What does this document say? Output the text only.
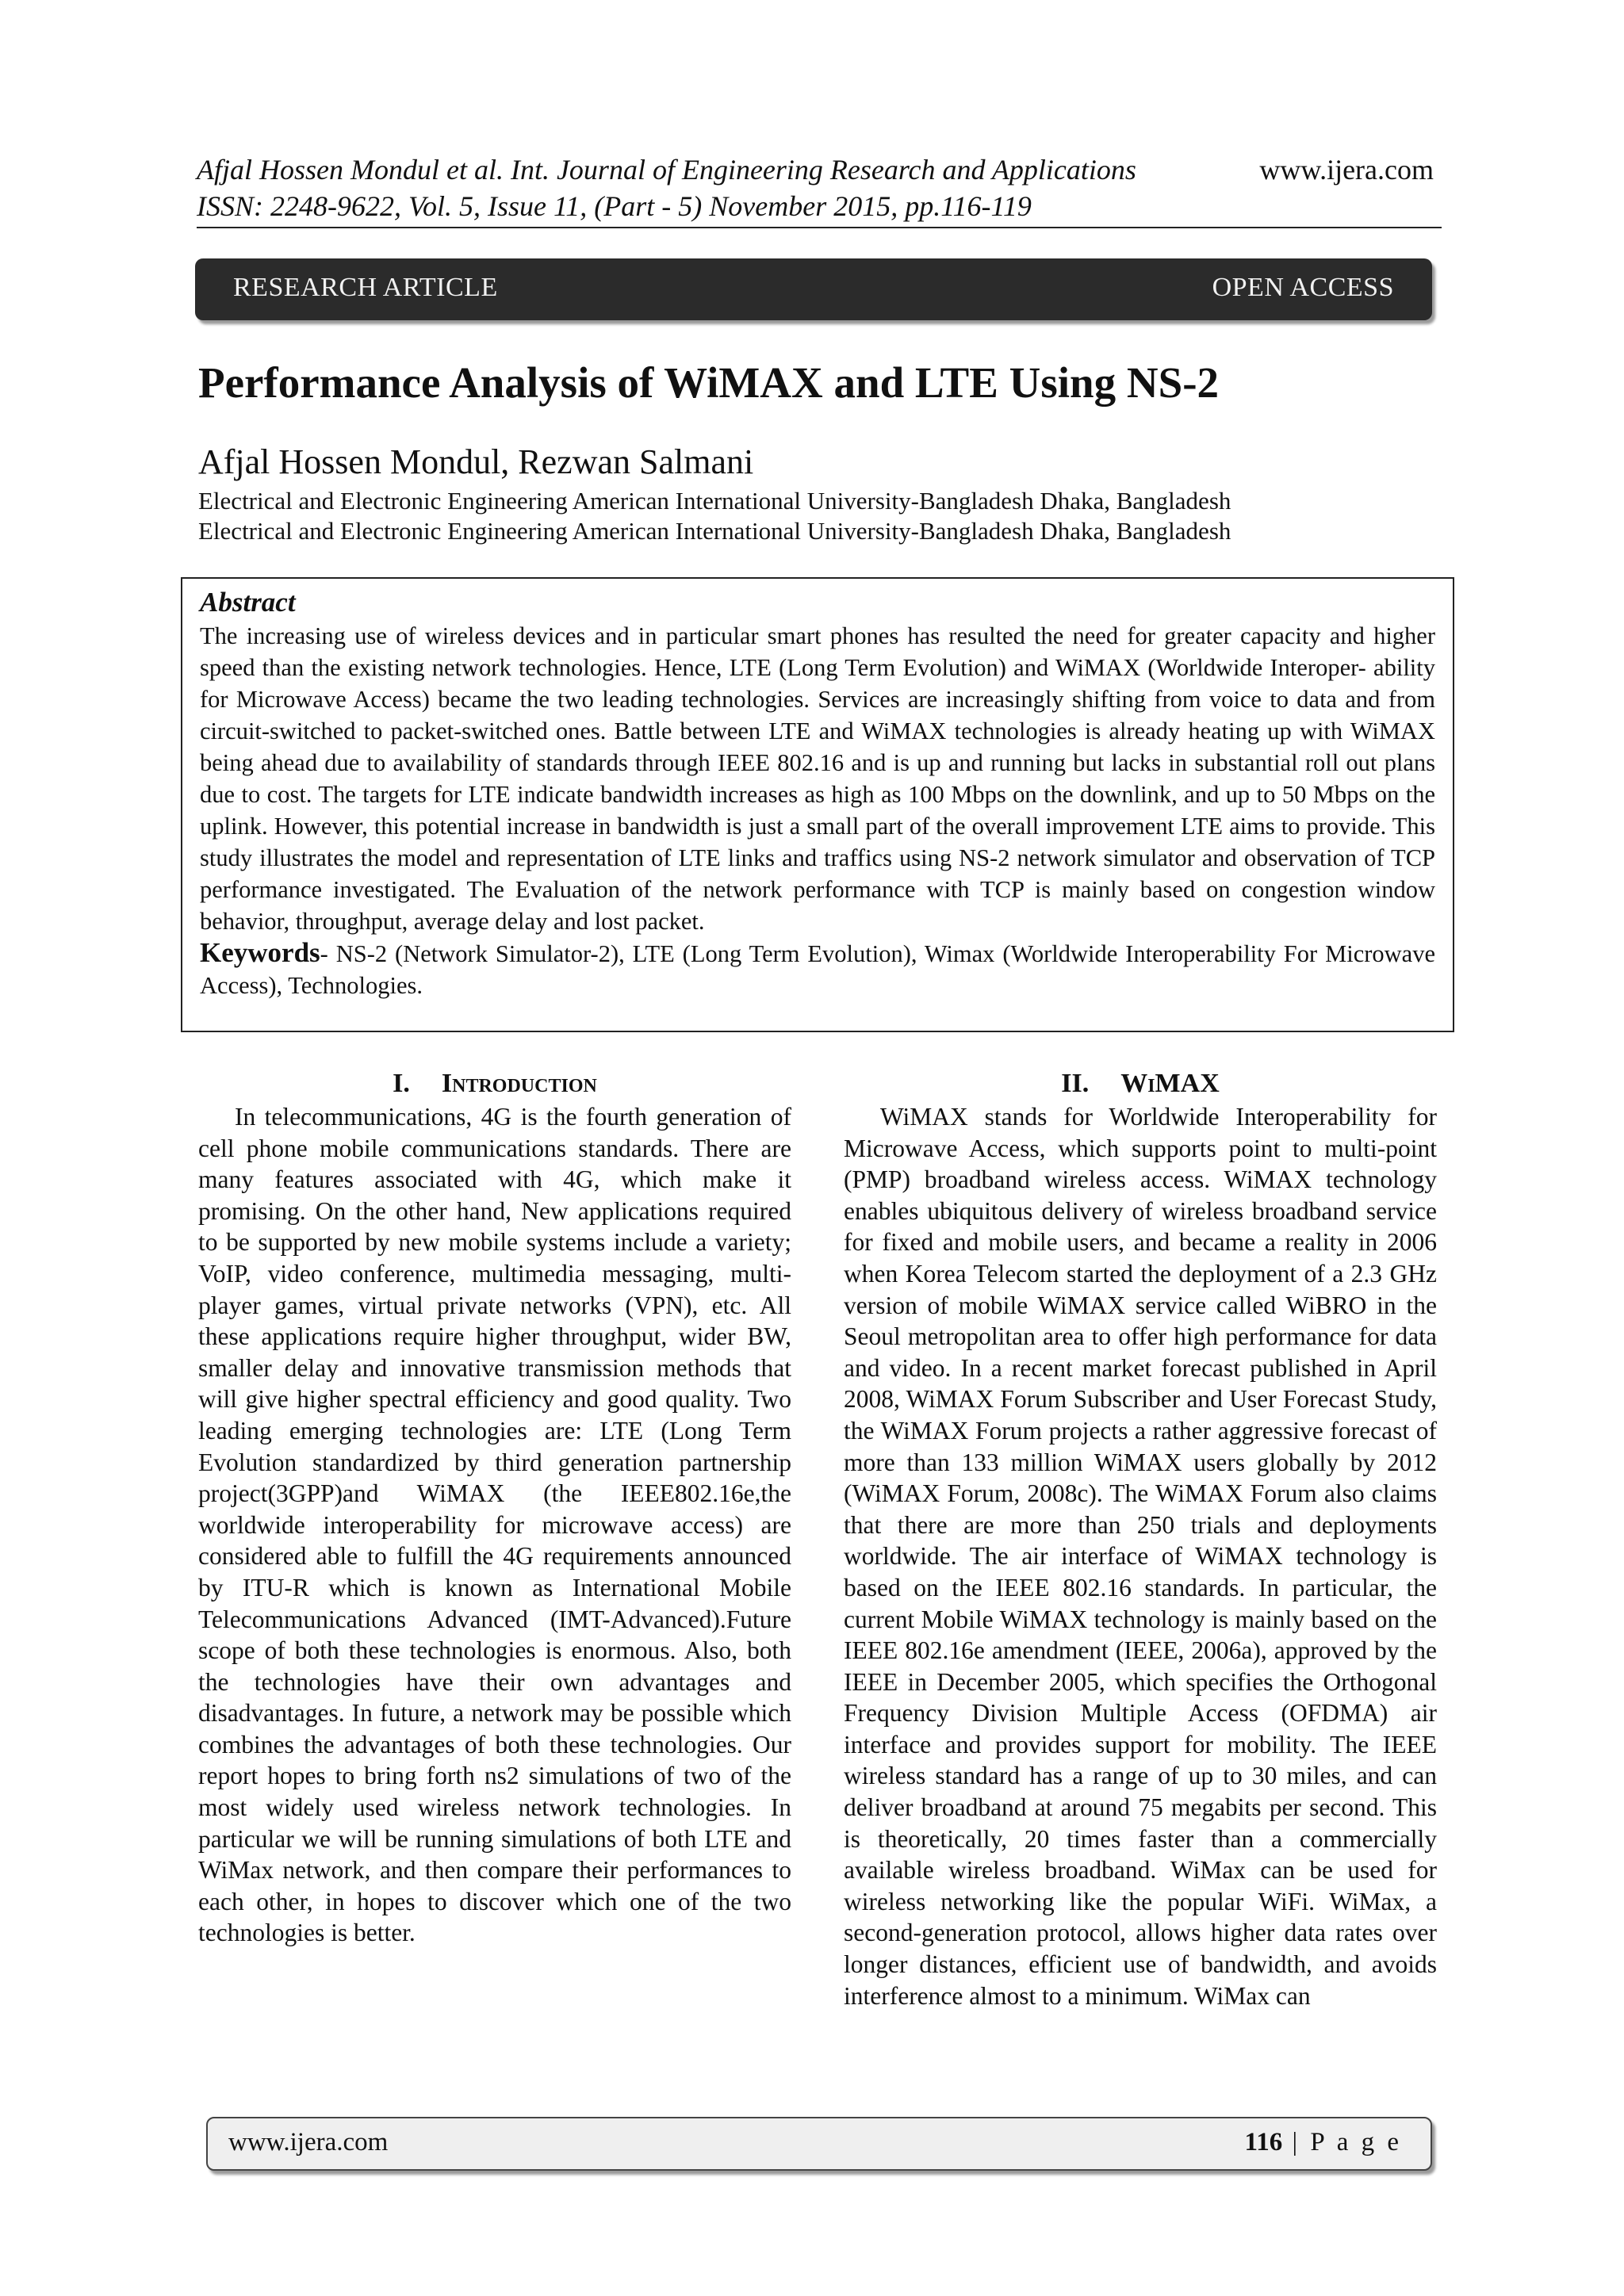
Afjal Hossen Mondul et al. Int. Journal of Engineering Research and Applications	www.ijera.com
ISSN: 2248-9622, Vol. 5, Issue 11, (Part - 5) November 2015, pp.116-119
RESEARCH ARTICLE	OPEN ACCESS
Performance Analysis of WiMAX and LTE Using NS-2
Afjal Hossen Mondul, Rezwan Salmani
Electrical and Electronic Engineering American International University-Bangladesh Dhaka, Bangladesh
Electrical and Electronic Engineering American International University-Bangladesh Dhaka, Bangladesh
Abstract
The increasing use of wireless devices and in particular smart phones has resulted the need for greater capacity and higher speed than the existing network technologies. Hence, LTE (Long Term Evolution) and WiMAX (Worldwide Interoper- ability for Microwave Access) became the two leading technologies. Services are increasingly shifting from voice to data and from circuit-switched to packet-switched ones. Battle between LTE and WiMAX technologies is already heating up with WiMAX being ahead due to availability of standards through IEEE 802.16 and is up and running but lacks in substantial roll out plans due to cost. The targets for LTE indicate bandwidth increases as high as 100 Mbps on the downlink, and up to 50 Mbps on the uplink. However, this potential increase in bandwidth is just a small part of the overall improvement LTE aims to provide. This study illustrates the model and representation of LTE links and traffics using NS-2 network simulator and observation of TCP performance investigated. The Evaluation of the network performance with TCP is mainly based on congestion window behavior, throughput, average delay and lost packet.
Keywords- NS-2 (Network Simulator-2), LTE (Long Term Evolution), Wimax (Worldwide Interoperability For Microwave Access), Technologies.
I. Introduction
In telecommunications, 4G is the fourth generation of cell phone mobile communications standards. There are many features associated with 4G, which make it promising. On the other hand, New applications required to be supported by new mobile systems include a variety; VoIP, video conference, multimedia messaging, multi-player games, virtual private networks (VPN), etc. All these applications require higher throughput, wider BW, smaller delay and innovative transmission methods that will give higher spectral efficiency and good quality. Two leading emerging technologies are: LTE (Long Term Evolution standardized by third generation partnership project(3GPP)and WiMAX (the IEEE802.16e,the worldwide interoperability for microwave access) are considered able to fulfill the 4G requirements announced by ITU-R which is known as International Mobile Telecommunications Advanced (IMT-Advanced).Future scope of both these technologies is enormous. Also, both the technologies have their own advantages and disadvantages. In future, a network may be possible which combines the advantages of both these technologies. Our report hopes to bring forth ns2 simulations of two of the most widely used wireless network technologies. In particular we will be running simulations of both LTE and WiMax network, and then compare their performances to each other, in hopes to discover which one of the two technologies is better.
II. WiMAX
WiMAX stands for Worldwide Interoperability for Microwave Access, which supports point to multi-point (PMP) broadband wireless access. WiMAX technology enables ubiquitous delivery of wireless broadband service for fixed and mobile users, and became a reality in 2006 when Korea Telecom started the deployment of a 2.3 GHz version of mobile WiMAX service called WiBRO in the Seoul metropolitan area to offer high performance for data and video. In a recent market forecast published in April 2008, WiMAX Forum Subscriber and User Forecast Study, the WiMAX Forum projects a rather aggressive forecast of more than 133 million WiMAX users globally by 2012 (WiMAX Forum, 2008c). The WiMAX Forum also claims that there are more than 250 trials and deployments worldwide. The air interface of WiMAX technology is based on the IEEE 802.16 standards. In particular, the current Mobile WiMAX technology is mainly based on the IEEE 802.16e amendment (IEEE, 2006a), approved by the IEEE in December 2005, which specifies the Orthogonal Frequency Division Multiple Access (OFDMA) air interface and provides support for mobility. The IEEE wireless standard has a range of up to 30 miles, and can deliver broadband at around 75 megabits per second. This is theoretically, 20 times faster than a commercially available wireless broadband. WiMax can be used for wireless networking like the popular WiFi. WiMax, a second-generation protocol, allows higher data rates over longer distances, efficient use of bandwidth, and avoids interference almost to a minimum. WiMax can
www.ijera.com	116 | P a g e
